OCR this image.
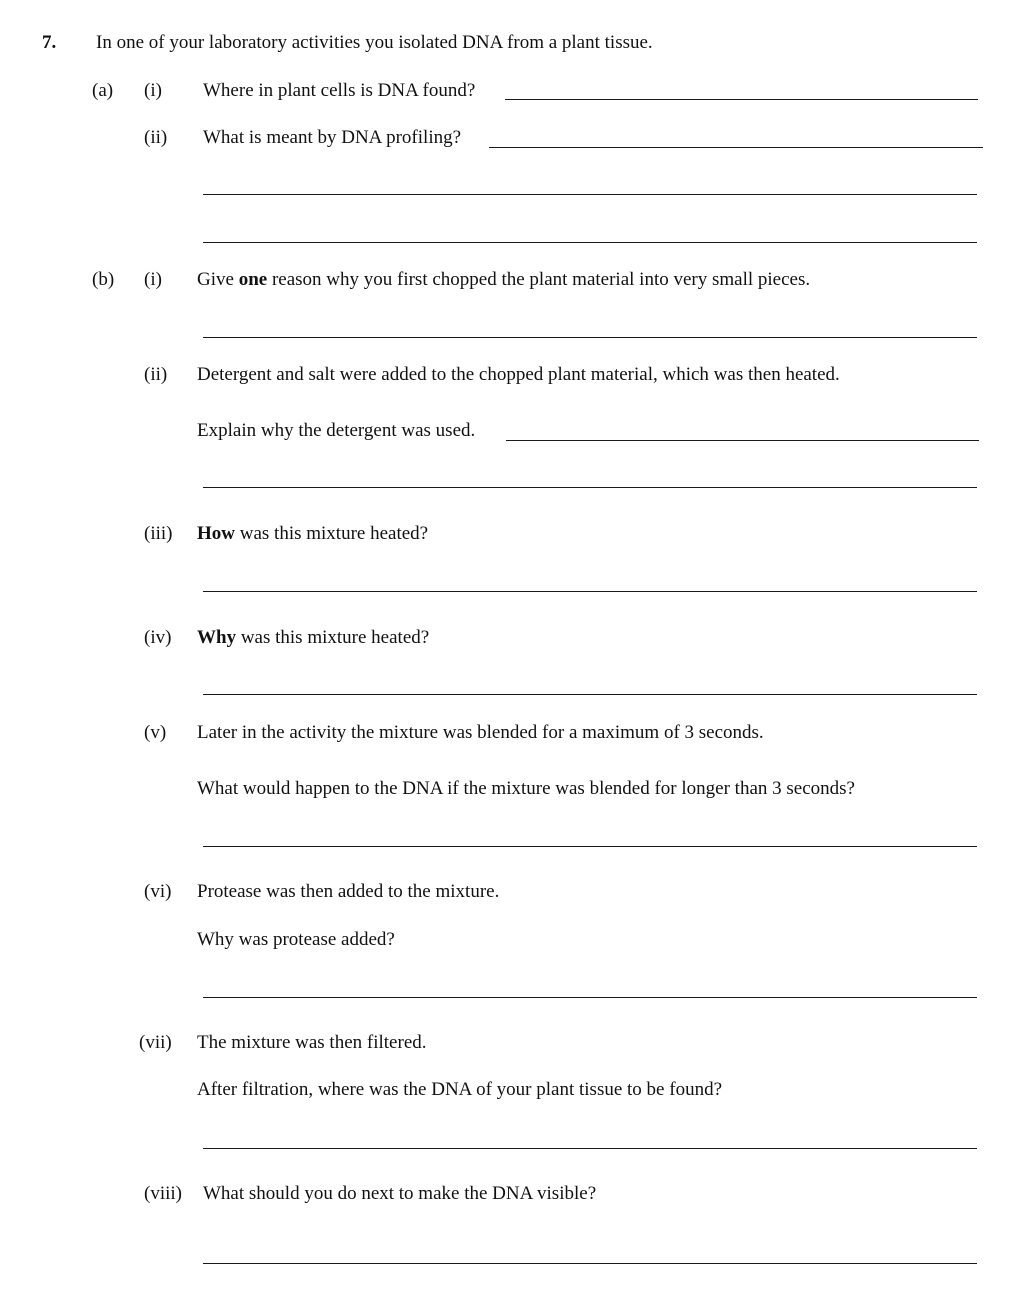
7. In one of your laboratory activities you isolated DNA from a plant tissue.
(a) (i) Where in plant cells is DNA found?
(ii) What is meant by DNA profiling?
(b) (i) Give one reason why you first chopped the plant material into very small pieces.
(ii) Detergent and salt were added to the chopped plant material, which was then heated.
Explain why the detergent was used.
(iii) How was this mixture heated?
(iv) Why was this mixture heated?
(v) Later in the activity the mixture was blended for a maximum of 3 seconds.
What would happen to the DNA if the mixture was blended for longer than 3 seconds?
(vi) Protease was then added to the mixture.
Why was protease added?
(vii) The mixture was then filtered.
After filtration, where was the DNA of your plant tissue to be found?
(viii) What should you do next to make the DNA visible?
